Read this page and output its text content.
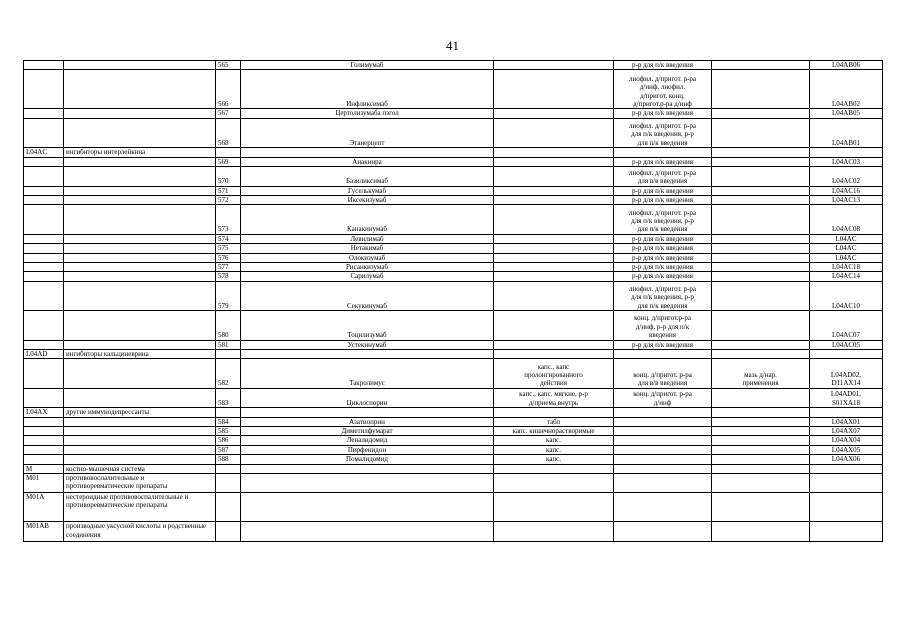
41
		565	Голимумаб		р-р для п/к введения		L04AB06

		566	Инфликсимаб		лиофил. д/пригот. р-ра
д/инф, лиофил.
д/пригот. конц.
д/пригот.р-ра д/инф		L04AB02

		567	Цертолизумаба пэгол		р-р для п/к введения		L04AB05

		568	Этанерцепт		лиофил. д/пригот. р-ра
для п/к введения, р-р
для п/к введения		L04AB01

L04AC	ингибиторы интерлейкина						
		569	Анакинра		р-р для п/к введения		L04AC03

		570	Базиликсимаб		лиофил. д/пригот. р-ра
для в/в введения		L04AC02

		571	Гуселькумаб		р-р для п/к введения		L04AC16

		572	Иксекизумаб		р-р для п/к введения		L04AC13

		573	Канакинумаб		лиофил. д/пригот. р-ра
для п/к введения, р-р
для п/к введения		L04AC08

		574	Левилимаб		р-р для п/к введения		L04AC

		575	Нетакимаб		р-р для п/к введения		L04AC

		576	Олокизумаб		р-р для п/к введения		L04AC

		577	Рисанкизумаб		р-р для п/к введения		L04AC18

		578	Сарилумаб		р-р для п/к введения		L04AC14

		579	Секукинумаб		лиофил. д/пригот. р-ра
для п/к введения, р-р
для п/к введения		L04AC10

		580	Тоцилизумаб		конц. д/пригот.р-ра
д/инф, р-р для п/к
введения		L04AC07

		581	Устекинумаб		р-р для п/к введения		L04AC05

L04AD	ингибиторы кальциневрина						
		582	Такролимус	капс., капс
пролонгированного
действия	конц. д/пригот. р-ра
для в/в введения	мазь д/нар.
применения	L04AD02,
D11AX14

		583	Циклоспорин	капс., капс. мягкие, р-р
д/приема внутрь	конц. д/пригот. р-ра
д/инф		L04AD01,
S01XA18

L04AX	другие иммунодепрессанты						
		584	Азатиоприн	табл			L04AX01

		585	Диметилфумарат	капс. кишечнорастворимые			L04AX07

		586	Леналидомид	капс.			L04AX04

		587	Пирфенидон	капс.			L04AX05

		588	Помалидомид	капс.			L04AX06

M	костно-мышечная система						
M01	противовоспалительные и противоревматические препараты						
M01A	нестероидные противовоспалительные и противоревматические препараты						
M01AB	производные уксусной кислоты и родственные соединения						
